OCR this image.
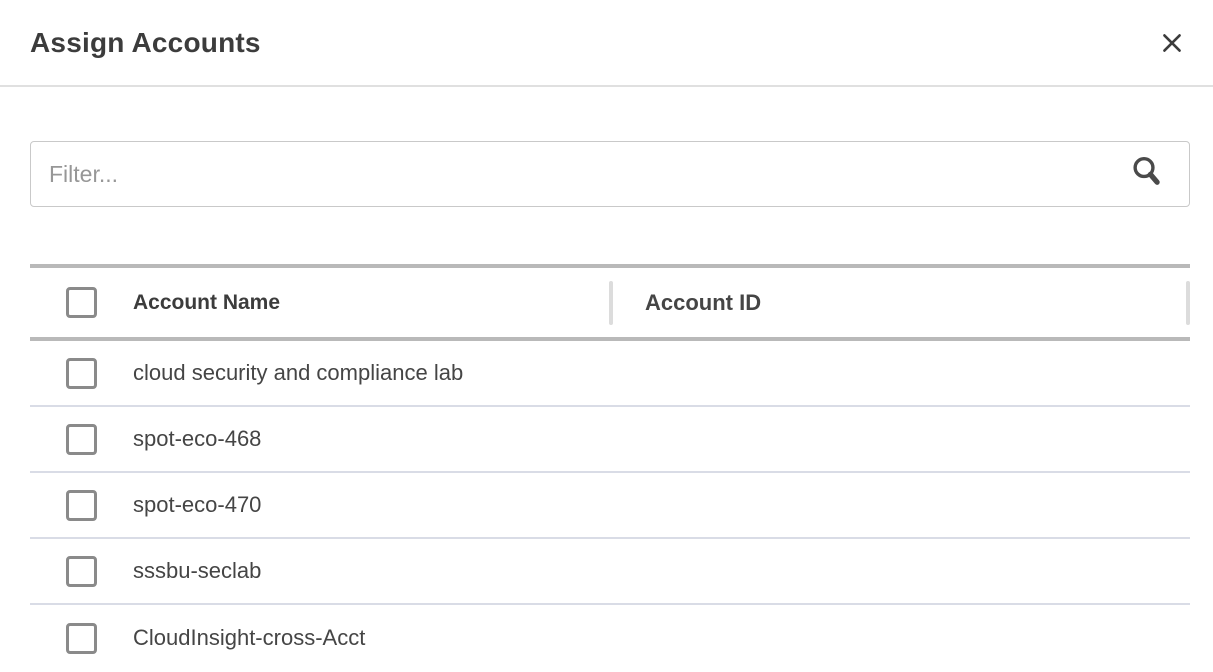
Assign Accounts
Filter...
Account Name	Account ID
cloud security and compliance lab
spot-eco-468
spot-eco-470
sssbu-seclab
CloudInsight-cross-Acct
